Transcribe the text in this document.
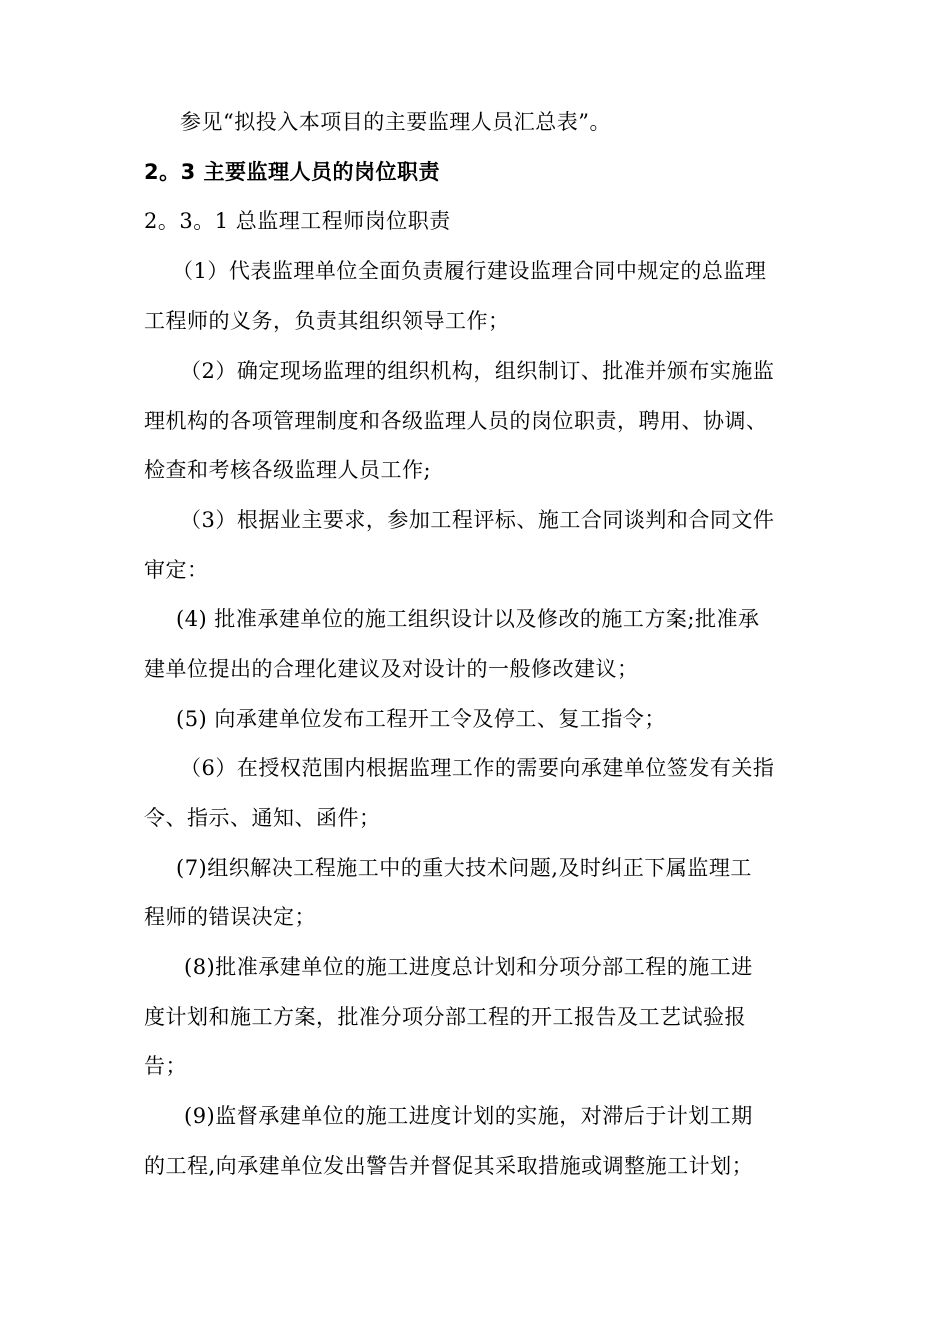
参见“拟投入本项目的主要监理人员汇总表”。
2。3 主要监理人员的岗位职责
2。3。1 总监理工程师岗位职责
（1）代表监理单位全面负责履行建设监理合同中规定的总监理
工程师的义务，负责其组织领导工作；
（2）确定现场监理的组织机构，组织制订、批准并颁布实施监
理机构的各项管理制度和各级监理人员的岗位职责，聘用、协调、
检查和考核各级监理人员工作;
（3）根据业主要求，参加工程评标、施工合同谈判和合同文件
审定：
(4) 批准承建单位的施工组织设计以及修改的施工方案;批准承
建单位提出的合理化建议及对设计的一般修改建议；
(5) 向承建单位发布工程开工令及停工、复工指令；
（6）在授权范围内根据监理工作的需要向承建单位签发有关指
令、指示、通知、函件；
(7)组织解决工程施工中的重大技术问题,及时纠正下属监理工
程师的错误决定；
(8)批准承建单位的施工进度总计划和分项分部工程的施工进
度计划和施工方案，批准分项分部工程的开工报告及工艺试验报
告；
(9)监督承建单位的施工进度计划的实施，对滞后于计划工期
的工程,向承建单位发出警告并督促其采取措施或调整施工计划；
